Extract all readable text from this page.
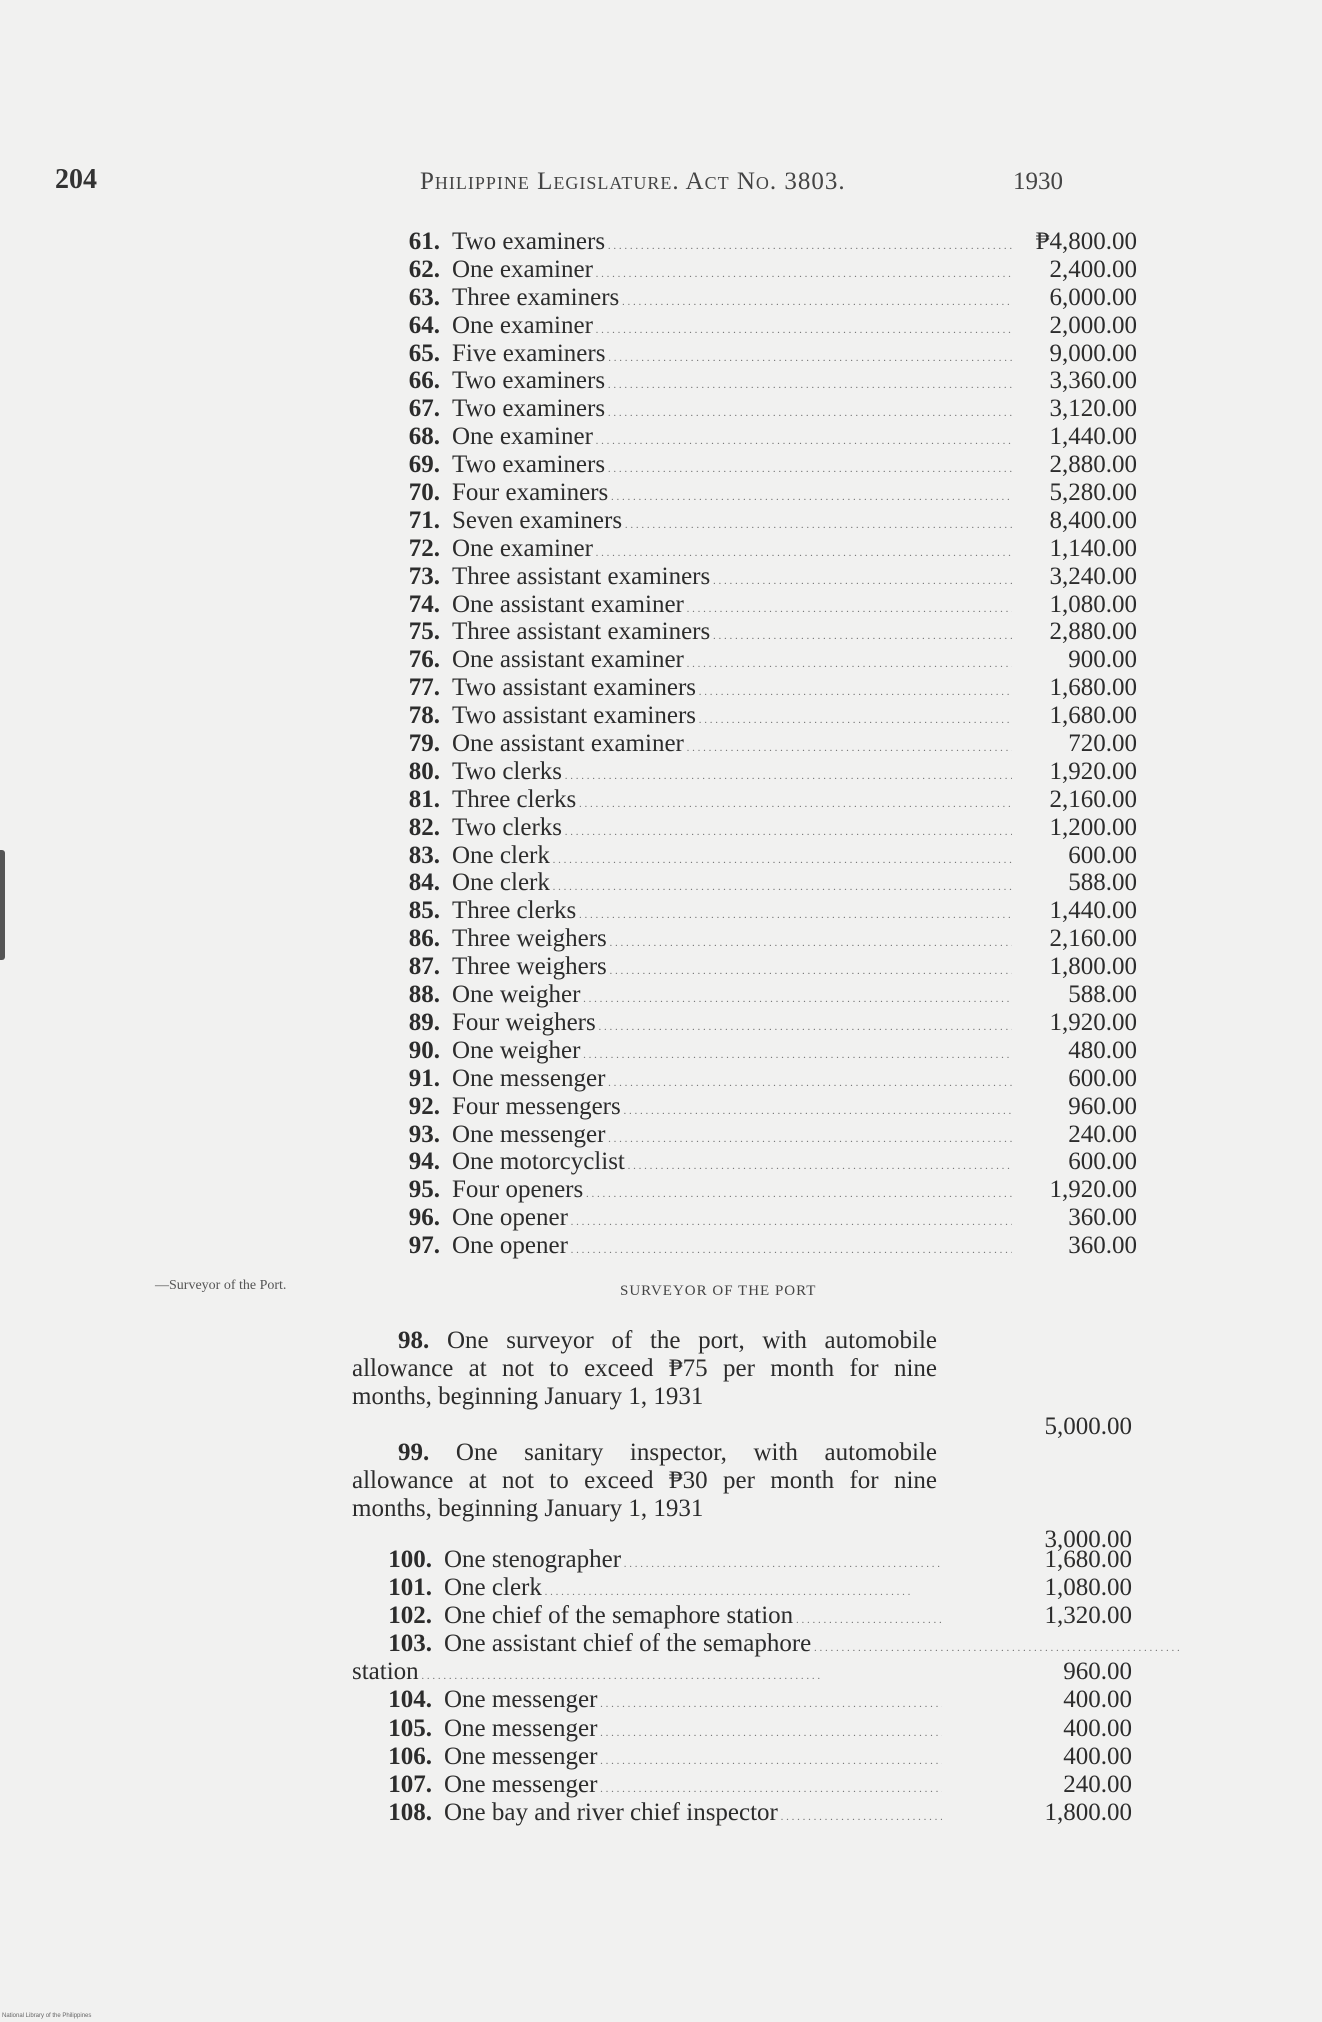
204	Philippine Legislature. Act No. 3803.	1930
61. Two examiners . . .	₱4,800.00
62. One examiner . . .	2,400.00
63. Three examiners . . .	6,000.00
64. One examiner . . .	2,000.00
65. Five examiners . . .	9,000.00
66. Two examiners . . .	3,360.00
67. Two examiners . . .	3,120.00
68. One examiner . . .	1,440.00
69. Two examiners . . .	2,880.00
70. Four examiners . . .	5,280.00
71. Seven examiners . . .	8,400.00
72. One examiner . . .	1,140.00
73. Three assistant examiners . . .	3,240.00
74. One assistant examiner . . .	1,080.00
75. Three assistant examiners . . .	2,880.00
76. One assistant examiner . . .	900.00
77. Two assistant examiners . . .	1,680.00
78. Two assistant examiners . . .	1,680.00
79. One assistant examiner . . .	720.00
80. Two clerks . . .	1,920.00
81. Three clerks . . .	2,160.00
82. Two clerks . . .	1,200.00
83. One clerk . . .	600.00
84. One clerk . . .	588.00
85. Three clerks . . .	1,440.00
86. Three weighers . . .	2,160.00
87. Three weighers . . .	1,800.00
88. One weigher . . .	588.00
89. Four weighers . . .	1,920.00
90. One weigher . . .	480.00
91. One messenger . . .	600.00
92. Four messengers . . .	960.00
93. One messenger . . .	240.00
94. One motorcyclist . . .	600.00
95. Four openers . . .	1,920.00
96. One opener . . .	360.00
97. One opener . . .	360.00
—Surveyor of the Port.	SURVEYOR OF THE PORT
98. One surveyor of the port, with automobile allowance at not to exceed ₱75 per month for nine months, beginning January 1, 1931
5,000.00
99. One sanitary inspector, with automobile allowance at not to exceed ₱30 per month for nine months, beginning January 1, 1931
3,000.00
100. One stenographer . . .	1,680.00
101. One clerk . . .	1,080.00
102. One chief of the semaphore station . . .	1,320.00
103. One assistant chief of the semaphore . . .
station . . .	960.00
104. One messenger . . .	400.00
105. One messenger . . .	400.00
106. One messenger . . .	400.00
107. One messenger . . .	240.00
108. One bay and river chief inspector . . .	1,800.00
National Library of the Philippines
